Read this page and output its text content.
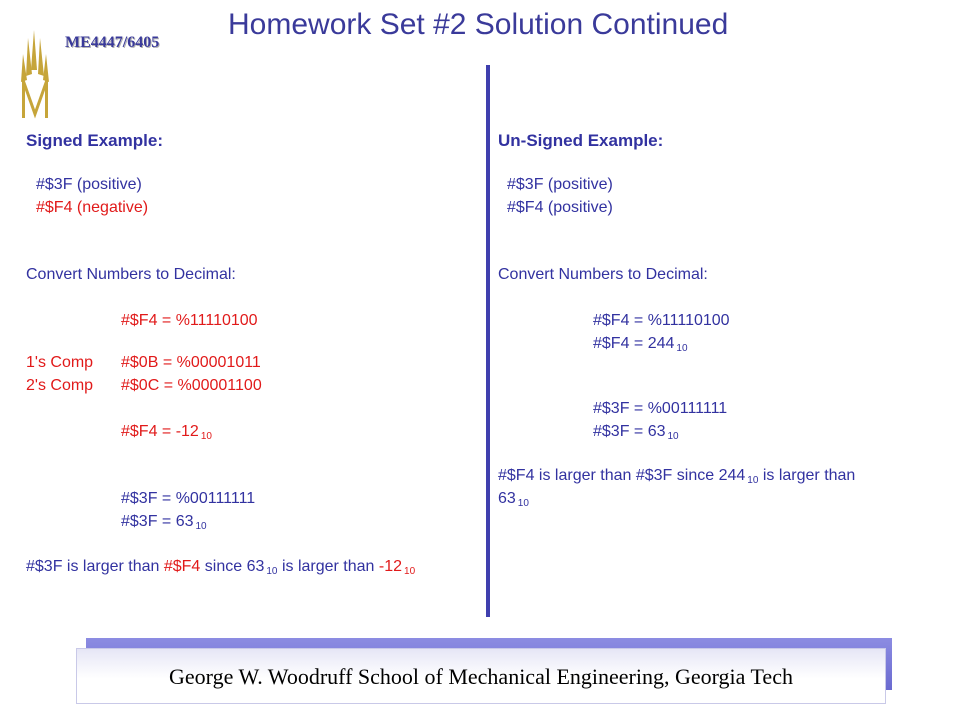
ME4447/6405
Homework Set #2 Solution Continued
Signed Example:
#$3F (positive)
#$F4 (negative)
Convert Numbers to Decimal:
#$F4 = %11110100
1's Comp #$0B = %00001011
2's Comp #$0C = %00001100
#$F4 = -12 $_{10}$
#$3F = %00111111
#$3F = 63 $_{10}$
#$3F is larger than #$F4 since 63 $_{10}$ is larger than -12 $_{10}$
Un-Signed Example:
#$3F (positive)
#$F4 (positive)
Convert Numbers to Decimal:
#$F4 = %11110100
#$F4 = 244 $_{10}$
#$3F = %00111111
#$3F = 63 $_{10}$
#$F4 is larger than #$3F since 244 $_{10}$ is larger than
63 $_{10}$
George W. Woodruff School of Mechanical Engineering, Georgia Tech
